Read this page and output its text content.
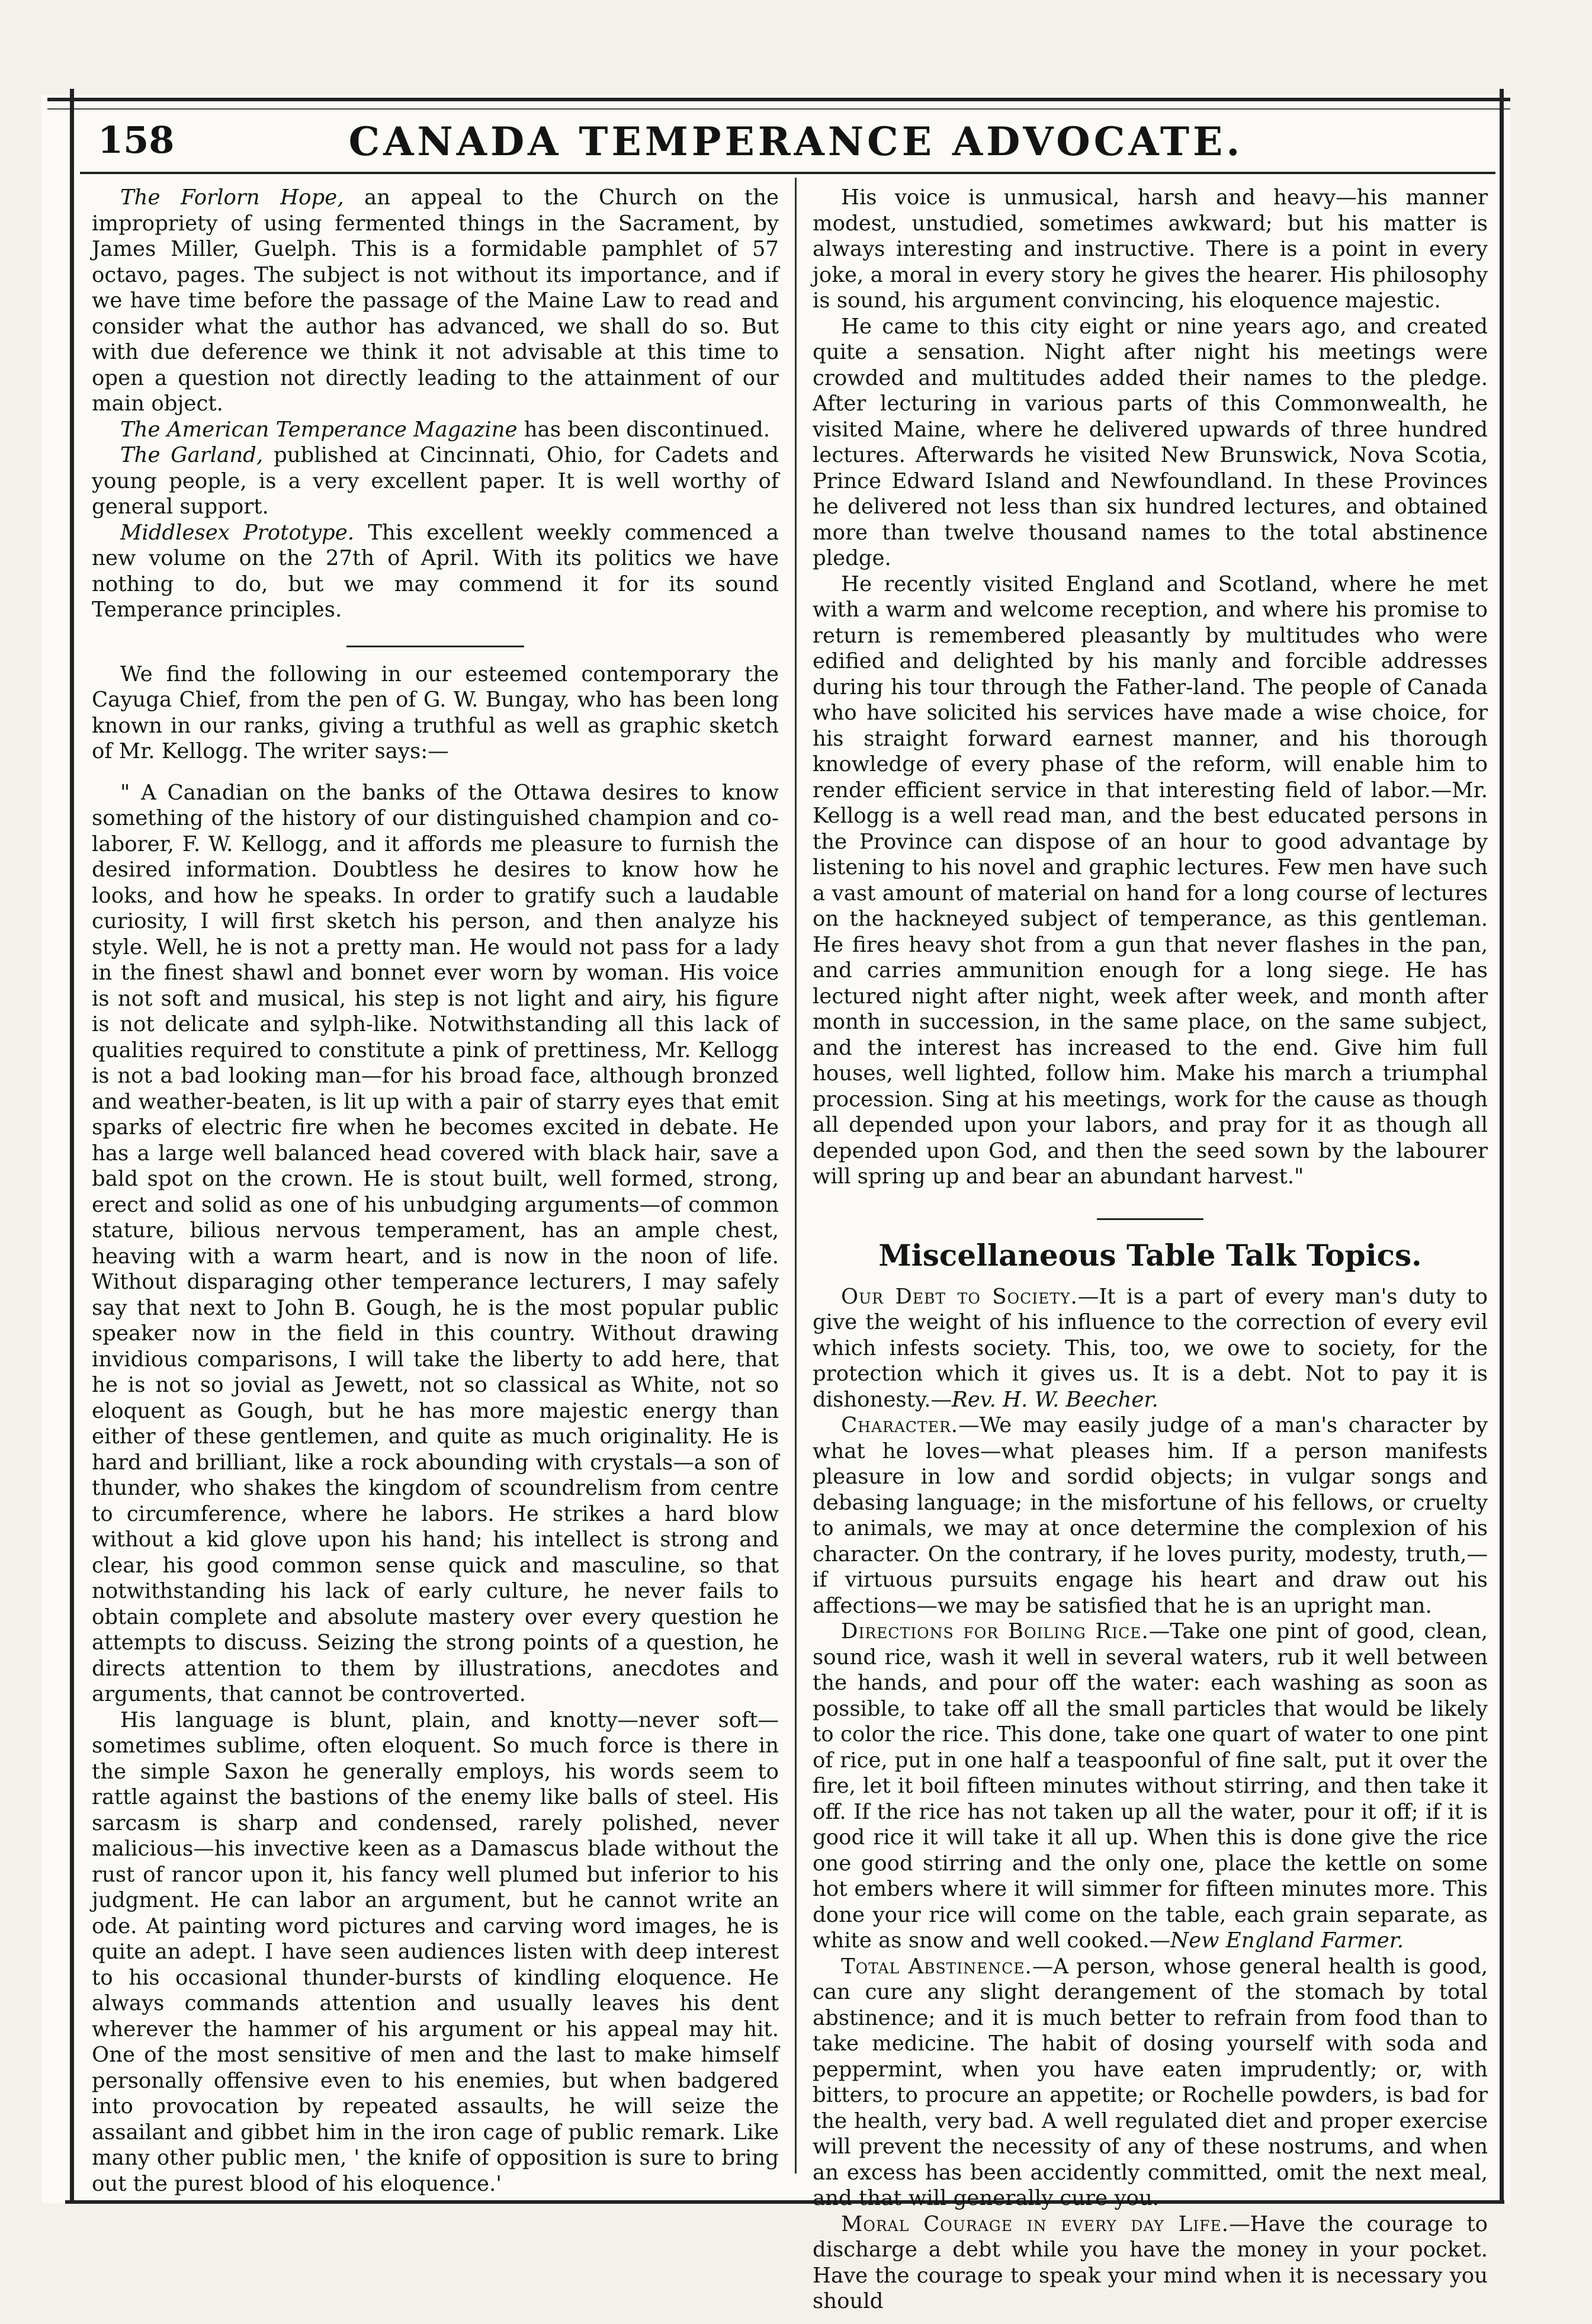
158	CANADA TEMPERANCE ADVOCATE.

The Forlorn Hope, an appeal to the Church on the impropriety of using fermented things in the Sacrament, by James Miller, Guelph. This is a formidable pamphlet of 57 octavo, pages. The subject is not without its importance, and if we have time before the passage of the Maine Law to read and consider what the author has advanced, we shall do so. But with due deference we think it not advisable at this time to open a question not directly leading to the attainment of our main object.

The American Temperance Magazine has been discontinued.

The Garland, published at Cincinnati, Ohio, for Cadets and young people, is a very excellent paper. It is well worthy of general support.

Middlesex Prototype. This excellent weekly commenced a new volume on the 27th of April. With its politics we have nothing to do, but we may commend it for its sound Temperance principles.

We find the following in our esteemed contemporary the Cayuga Chief, from the pen of G. W. Bungay, who has been long known in our ranks, giving a truthful as well as graphic sketch of Mr. Kellogg. The writer says:—

" A Canadian on the banks of the Ottawa desires to know something of the history of our distinguished champion and co-laborer, F. W. Kellogg, and it affords me pleasure to furnish the desired information. Doubtless he desires to know how he looks, and how he speaks. In order to gratify such a laudable curiosity, I will first sketch his person, and then analyze his style. Well, he is not a pretty man. He would not pass for a lady in the finest shawl and bonnet ever worn by woman. His voice is not soft and musical, his step is not light and airy, his figure is not delicate and sylph-like. Notwithstanding all this lack of qualities required to constitute a pink of prettiness, Mr. Kellogg is not a bad looking man—for his broad face, although bronzed and weather-beaten, is lit up with a pair of starry eyes that emit sparks of electric fire when he becomes excited in debate. He has a large well balanced head covered with black hair, save a bald spot on the crown. He is stout built, well formed, strong, erect and solid as one of his unbudging arguments—of common stature, bilious nervous temperament, has an ample chest, heaving with a warm heart, and is now in the noon of life. Without disparaging other temperance lecturers, I may safely say that next to John B. Gough, he is the most popular public speaker now in the field in this country. Without drawing invidious comparisons, I will take the liberty to add here, that he is not so jovial as Jewett, not so classical as White, not so eloquent as Gough, but he has more majestic energy than either of these gentlemen, and quite as much originality. He is hard and brilliant, like a rock abounding with crystals—a son of thunder, who shakes the kingdom of scoundrelism from centre to circumference, where he labors. He strikes a hard blow without a kid glove upon his hand; his intellect is strong and clear, his good common sense quick and masculine, so that notwithstanding his lack of early culture, he never fails to obtain complete and absolute mastery over every question he attempts to discuss. Seizing the strong points of a question, he directs attention to them by illustrations, anecdotes and arguments, that cannot be controverted.

His language is blunt, plain, and knotty—never soft—sometimes sublime, often eloquent. So much force is there in the simple Saxon he generally employs, his words seem to rattle against the bastions of the enemy like balls of steel. His sarcasm is sharp and condensed, rarely polished, never malicious—his invective keen as a Damascus blade without the rust of rancor upon it, his fancy well plumed but inferior to his judgment. He can labor an argument, but he cannot write an ode. At painting word pictures and carving word images, he is quite an adept. I have seen audiences listen with deep interest to his occasional thunder-bursts of kindling eloquence. He always commands attention and usually leaves his dent wherever the hammer of his argument or his appeal may hit. One of the most sensitive of men and the last to make himself personally offensive even to his enemies, but when badgered into provocation by repeated assaults, he will seize the assailant and gibbet him in the iron cage of public remark. Like many other public men, ' the knife of opposition is sure to bring out the purest blood of his eloquence.'

His voice is unmusical, harsh and heavy—his manner modest, unstudied, sometimes awkward; but his matter is always interesting and instructive. There is a point in every joke, a moral in every story he gives the hearer. His philosophy is sound, his argument convincing, his eloquence majestic.

He came to this city eight or nine years ago, and created quite a sensation. Night after night his meetings were crowded and multitudes added their names to the pledge. After lecturing in various parts of this Commonwealth, he visited Maine, where he delivered upwards of three hundred lectures. Afterwards he visited New Brunswick, Nova Scotia, Prince Edward Island and Newfoundland. In these Provinces he delivered not less than six hundred lectures, and obtained more than twelve thousand names to the total abstinence pledge.

He recently visited England and Scotland, where he met with a warm and welcome reception, and where his promise to return is remembered pleasantly by multitudes who were edified and delighted by his manly and forcible addresses during his tour through the Father-land. The people of Canada who have solicited his services have made a wise choice, for his straight forward earnest manner, and his thorough knowledge of every phase of the reform, will enable him to render efficient service in that interesting field of labor.—Mr. Kellogg is a well read man, and the best educated persons in the Province can dispose of an hour to good advantage by listening to his novel and graphic lectures. Few men have such a vast amount of material on hand for a long course of lectures on the hackneyed subject of temperance, as this gentleman. He fires heavy shot from a gun that never flashes in the pan, and carries ammunition enough for a long siege. He has lectured night after night, week after week, and month after month in succession, in the same place, on the same subject, and the interest has increased to the end. Give him full houses, well lighted, follow him. Make his march a triumphal procession. Sing at his meetings, work for the cause as though all depended upon your labors, and pray for it as though all depended upon God, and then the seed sown by the labourer will spring up and bear an abundant harvest."

Miscellaneous Table Talk Topics.

Our Debt to Society.—It is a part of every man's duty to give the weight of his influence to the correction of every evil which infests society. This, too, we owe to society, for the protection which it gives us. It is a debt. Not to pay it is dishonesty.—Rev. H. W. Beecher.

Character.—We may easily judge of a man's character by what he loves—what pleases him. If a person manifests pleasure in low and sordid objects; in vulgar songs and debasing language; in the misfortune of his fellows, or cruelty to animals, we may at once determine the complexion of his character. On the contrary, if he loves purity, modesty, truth,—if virtuous pursuits engage his heart and draw out his affections—we may be satisfied that he is an upright man.

Directions for Boiling Rice.—Take one pint of good, clean, sound rice, wash it well in several waters, rub it well between the hands, and pour off the water: each washing as soon as possible, to take off all the small particles that would be likely to color the rice. This done, take one quart of water to one pint of rice, put in one half a teaspoonful of fine salt, put it over the fire, let it boil fifteen minutes without stirring, and then take it off. If the rice has not taken up all the water, pour it off; if it is good rice it will take it all up. When this is done give the rice one good stirring and the only one, place the kettle on some hot embers where it will simmer for fifteen minutes more. This done your rice will come on the table, each grain separate, as white as snow and well cooked.—New England Farmer.

Total Abstinence.—A person, whose general health is good, can cure any slight derangement of the stomach by total abstinence; and it is much better to refrain from food than to take medicine. The habit of dosing yourself with soda and peppermint, when you have eaten imprudently; or, with bitters, to procure an appetite; or Rochelle powders, is bad for the health, very bad. A well regulated diet and proper exercise will prevent the necessity of any of these nostrums, and when an excess has been accidently committed, omit the next meal, and that will generally cure you.

Moral Courage in every day Life.—Have the courage to discharge a debt while you have the money in your pocket. Have the courage to speak your mind when it is necessary you should
